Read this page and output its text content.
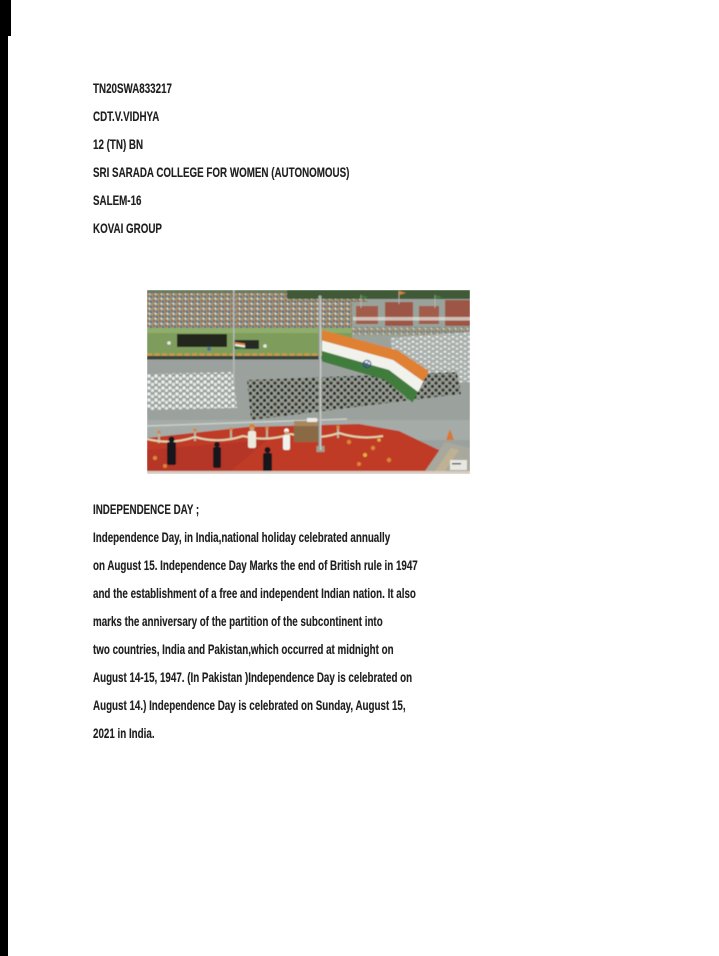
TN20SWA833217
CDT.V.VIDHYA
12 (TN) BN
SRI SARADA COLLEGE FOR WOMEN (AUTONOMOUS)
SALEM-16
KOVAI GROUP
INDEPENDENCE DAY ;
Independence Day, in India,national holiday celebrated annually
on August 15. Independence Day Marks the end of British rule in 1947
and the establishment of a free and independent Indian nation. It also
marks the anniversary of the partition of the subcontinent into
two countries, India and Pakistan,which occurred at midnight on
August 14-15, 1947. (In Pakistan )Independence Day is celebrated on
August 14.) Independence Day is celebrated on Sunday, August 15,
2021 in India.
